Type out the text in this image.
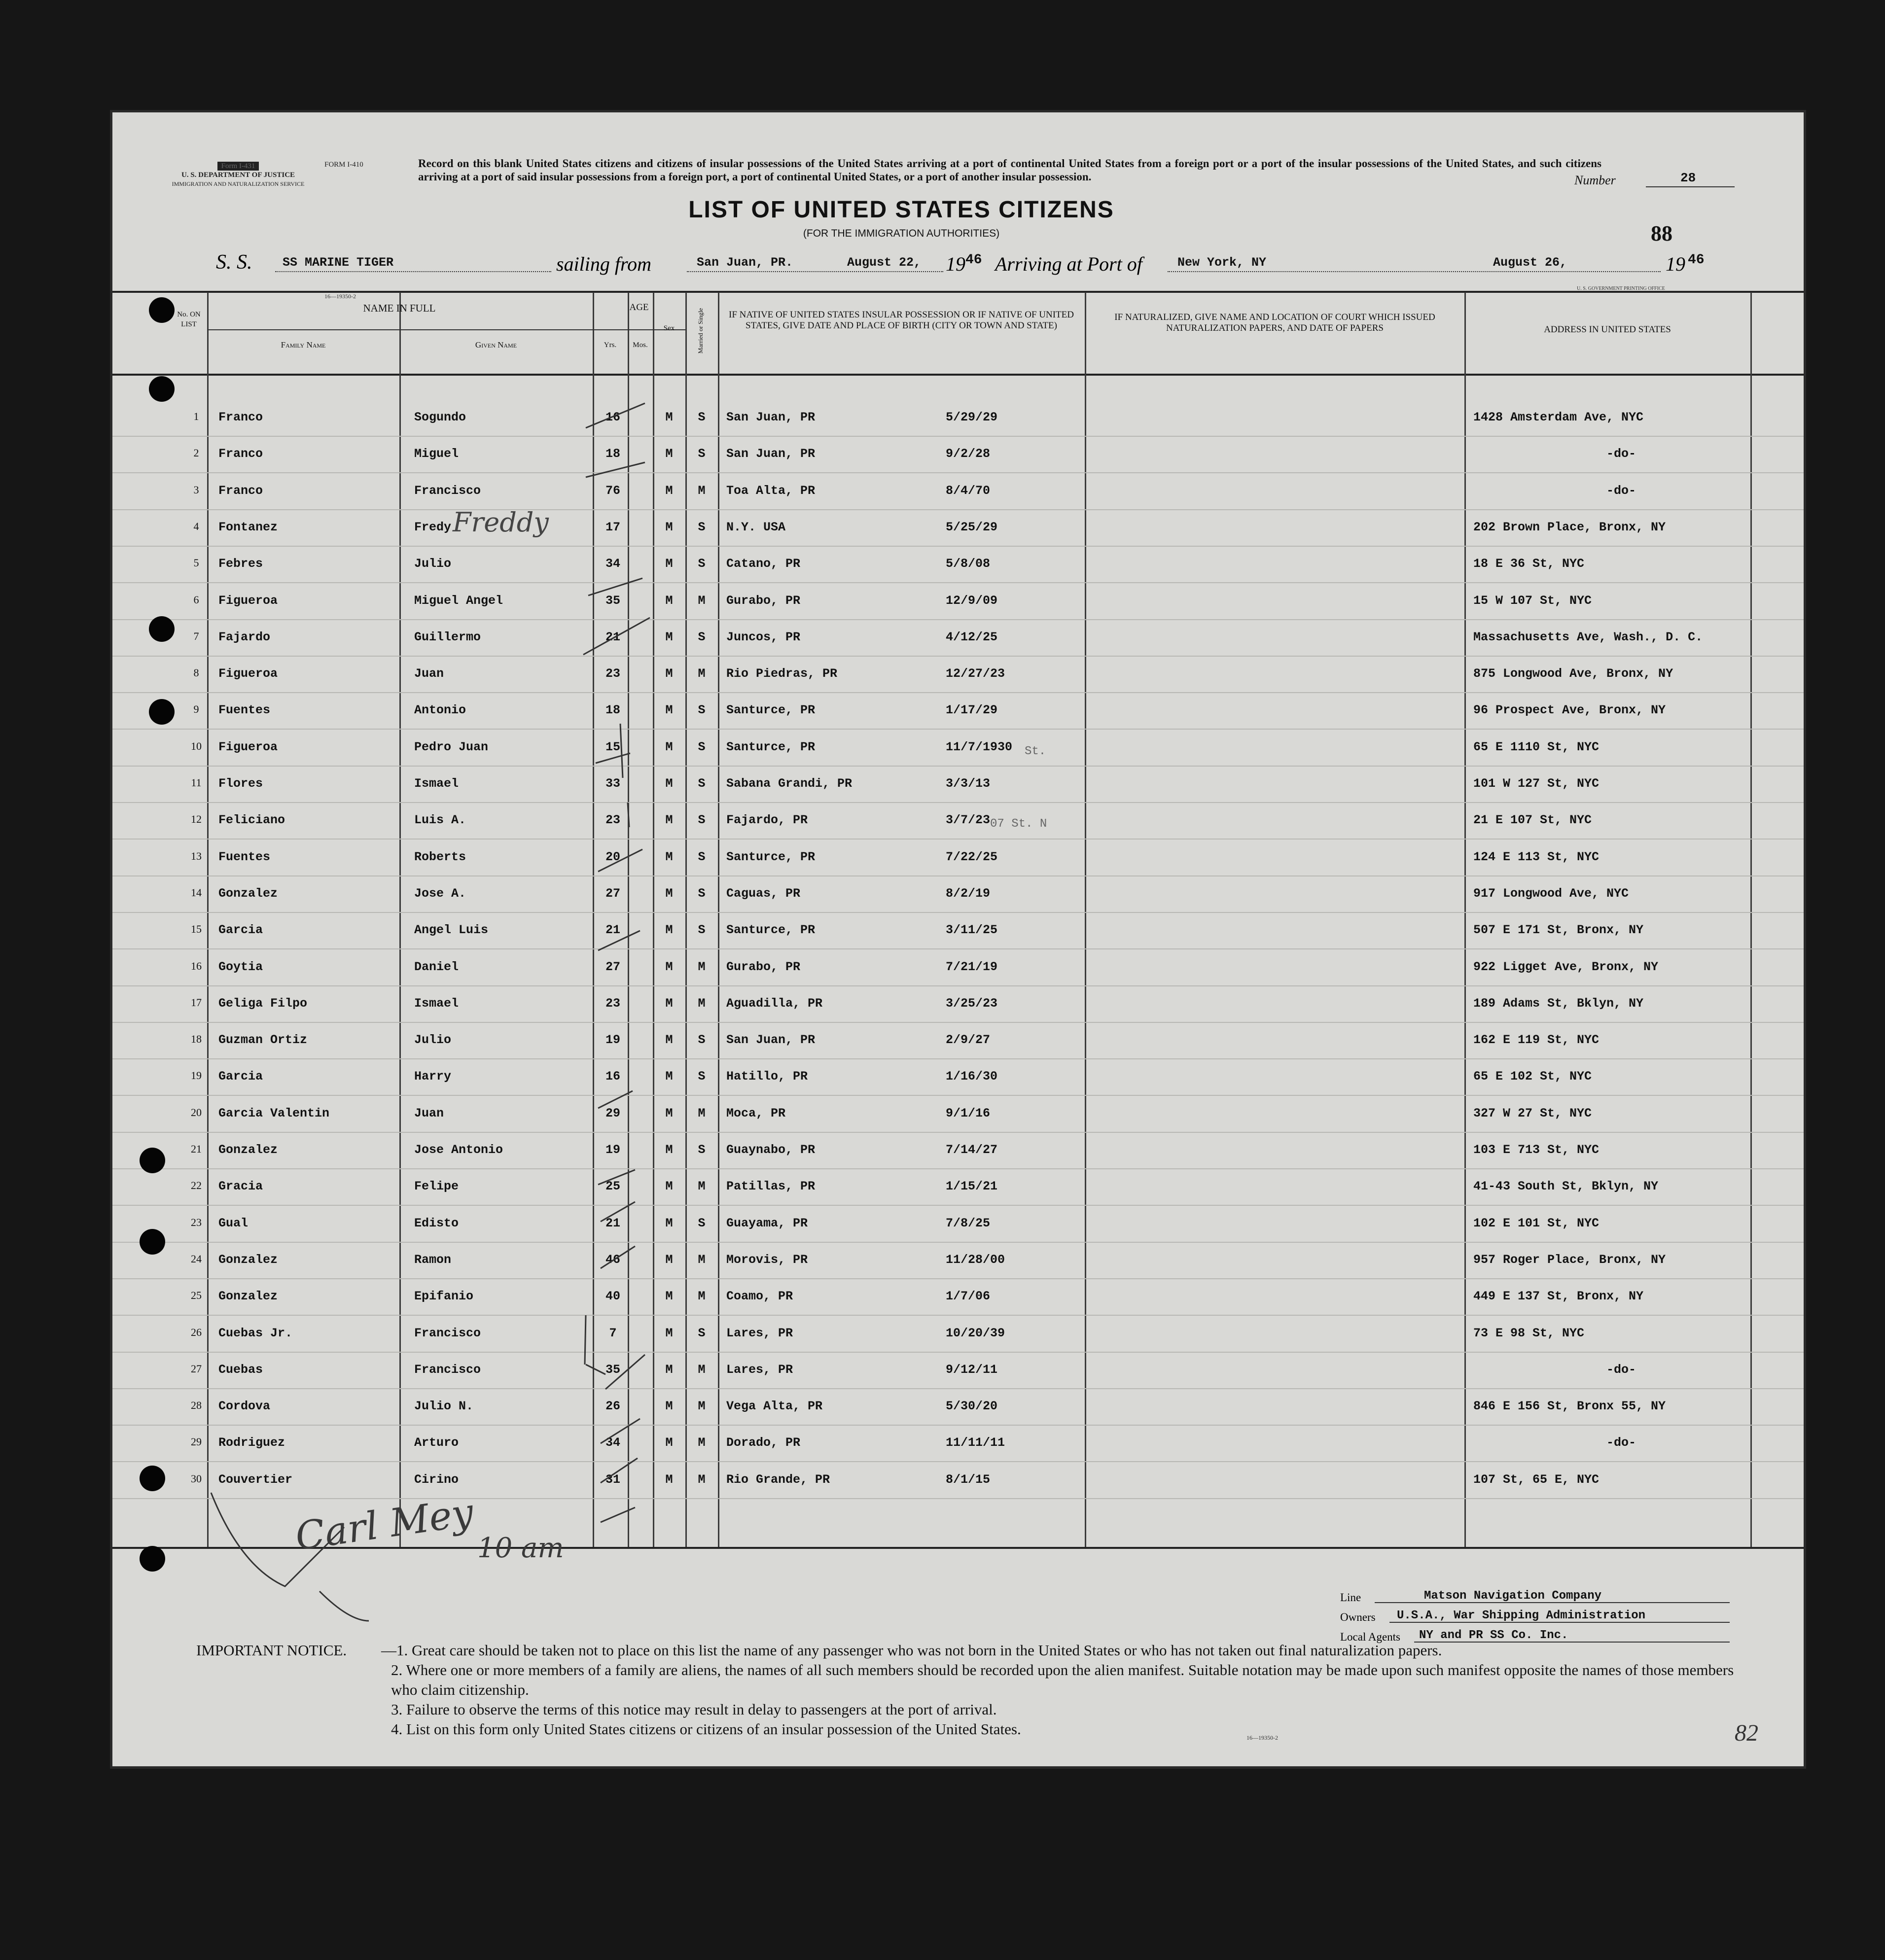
Form I-431
U. S. DEPARTMENT OF JUSTICE
IMMIGRATION AND NATURALIZATION SERVICE
FORM I-410	Record on this blank United States citizens and citizens of insular possessions of the United States arriving at a port of continental United States from a foreign port or a port of the insular possessions of the United States, and such citizens arriving at a port of said insular possessions from a foreign port, a port of continental United States, or a port of another insular possession.	Number	28
LIST OF UNITED STATES CITIZENS
(FOR THE IMMIGRATION AUTHORITIES)	88
S. S. SS MARINE TIGER	sailing from	San Juan, PR.	August 22, 19 46 Arriving at Port of	New York, NY	August 26,	19 46
16—19350-2
U. S. GOVERNMENT PRINTING OFFICE
No. ON LIST
NAME IN FULL
Family Name	Given Name
AGE
Yrs.	Mos.
Sex	Married or Single	IF NATIVE OF UNITED STATES INSULAR POSSESSION OR IF NATIVE OF UNITED STATES, GIVE DATE AND PLACE OF BIRTH (CITY OR TOWN AND STATE)
IF NATURALIZED, GIVE NAME AND LOCATION OF COURT WHICH ISSUED NATURALIZATION PAPERS, AND DATE OF PAPERS	ADDRESS IN UNITED STATES
1	Franco	Sogundo	16	M	S	San Juan, PR	5/29/29	1428 Amsterdam Ave, NYC
2	Franco	Miguel	18	M	S	San Juan, PR	9/2/28	-do-
3	Franco	Francisco	76	M	M	Toa Alta, PR	8/4/70	-do-
4	Fontanez	Fredy	17	M	S	N.Y. USA	5/25/29	202 Brown Place, Bronx, NY
5	Febres	Julio	34	M	S	Catano, PR	5/8/08	18 E 36 St, NYC
6	Figueroa	Miguel Angel	35	M	M	Gurabo, PR	12/9/09	15 W 107 St, NYC
7	Fajardo	Guillermo	21	M	S	Juncos, PR	4/12/25	Massachusetts Ave, Wash., D. C.
8	Figueroa	Juan	23	M	M	Rio Piedras, PR	12/27/23	875 Longwood Ave, Bronx, NY
9	Fuentes	Antonio	18	M	S	Santurce, PR	1/17/29	96 Prospect Ave, Bronx, NY
10	Figueroa	Pedro Juan	15	M	S	Santurce, PR	11/7/1930	65 E 1110 St, NYC
11	Flores	Ismael	33	M	S	Sabana Grandi, PR	3/3/13	101 W 127 St, NYC
12	Feliciano	Luis A.	23	M	S	Fajardo, PR	3/7/23	21 E 107 St, NYC
13	Fuentes	Roberts	20	M	S	Santurce, PR	7/22/25	124 E 113 St, NYC
14	Gonzalez	Jose A.	27	M	S	Caguas, PR	8/2/19	917 Longwood Ave, NYC
15	Garcia	Angel Luis	21	M	S	Santurce, PR	3/11/25	507 E 171 St, Bronx, NY
16	Goytia	Daniel	27	M	M	Gurabo, PR	7/21/19	922 Ligget Ave, Bronx, NY
17	Geliga Filpo	Ismael	23	M	M	Aguadilla, PR	3/25/23	189 Adams St, Bklyn, NY
18	Guzman Ortiz	Julio	19	M	S	San Juan, PR	2/9/27	162 E 119 St, NYC
19	Garcia	Harry	16	M	S	Hatillo, PR	1/16/30	65 E 102 St, NYC
20	Garcia Valentin	Juan	29	M	M	Moca, PR	9/1/16	327 W 27 St, NYC
21	Gonzalez	Jose Antonio	19	M	S	Guaynabo, PR	7/14/27	103 E 713 St, NYC
22	Gracia	Felipe	25	M	M	Patillas, PR	1/15/21	41-43 South St, Bklyn, NY
23	Gual	Edisto	21	M	S	Guayama, PR	7/8/25	102 E 101 St, NYC
24	Gonzalez	Ramon	46	M	M	Morovis, PR	11/28/00	957 Roger Place, Bronx, NY
25	Gonzalez	Epifanio	40	M	M	Coamo, PR	1/7/06	449 E 137 St, Bronx, NY
26	Cuebas Jr.	Francisco	7	M	S	Lares, PR	10/20/39	73 E 98 St, NYC
27	Cuebas	Francisco	35	M	M	Lares, PR	9/12/11	-do-
28	Cordova	Julio N.	26	M	M	Vega Alta, PR	5/30/20	846 E 156 St, Bronx 55, NY
29	Rodriguez	Arturo	34	M	M	Dorado, PR	11/11/11	-do-
30	Couvertier	Cirino	31	M	M	Rio Grande, PR	8/1/15	107 St, 65 E, NYC
Freddy
St.
07 St. N
Carl Mey 10 am
Line	Matson Navigation Company
Owners U.S.A., War Shipping Administration
Local Agents NY and PR SS Co. Inc.
IMPORTANT NOTICE. —1. Great care should be taken not to place on this list the name of any passenger who was not born in the United States or who has not taken out final naturalization papers.
2. Where one or more members of a family are aliens, the names of all such members should be recorded upon the alien manifest. Suitable notation may be made upon such manifest opposite the names of those members who claim citizenship.
3. Failure to observe the terms of this notice may result in delay to passengers at the port of arrival.
4. List on this form only United States citizens or citizens of an insular possession of the United States.	16—19350-2	82
